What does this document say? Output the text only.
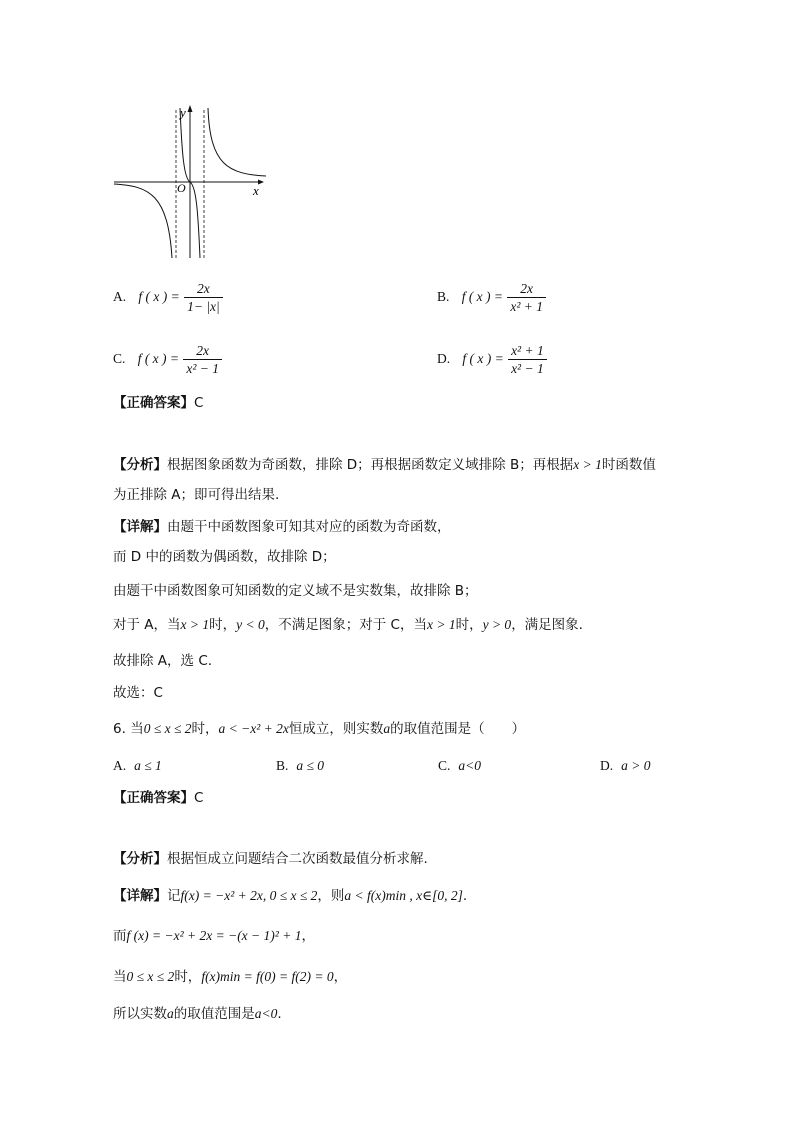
y
x
O
A. f ( x ) = $\frac{2x}{1- |x|}$	B. f ( x ) = $\frac{2x}{\text{x² + 1}}$
C. f ( x ) = $\frac{2x}{\text{x² − 1}}$	D. f ( x ) = $\frac{\text{x² + 1}}{\text{x² − 1}}$
【正确答案】C
【分析】根据图象函数为奇函数，排除 D；再根据函数定义域排除 B；再根据x > 1时函数值
为正排除 A；即可得出结果.
【详解】由题干中函数图象可知其对应的函数为奇函数，
而 D 中的函数为偶函数，故排除 D；
由题干中函数图象可知函数的定义域不是实数集，故排除 B；
对于 A，当x > 1时，y < 0，不满足图象；对于 C，当x > 1时，y > 0，满足图象.
故排除 A，选 C.
故选：C
6. 当0 ≤ x ≤ 2时，a < −x² + 2x恒成立，则实数a的取值范围是（　　）
A. a ≤ 1	B. a ≤ 0	C. a<0	D. a > 0
【正确答案】C
【分析】根据恒成立问题结合二次函数最值分析求解.
【详解】记f(x) = −x² + 2x, 0 ≤ x ≤ 2，则a < f(x)min , x∈[0, 2].
而f (x) = −x² + 2x = −(x − 1)² + 1，
当0 ≤ x ≤ 2时，f(x)min = f(0) = f(2) = 0，
所以实数a的取值范围是a<0.
